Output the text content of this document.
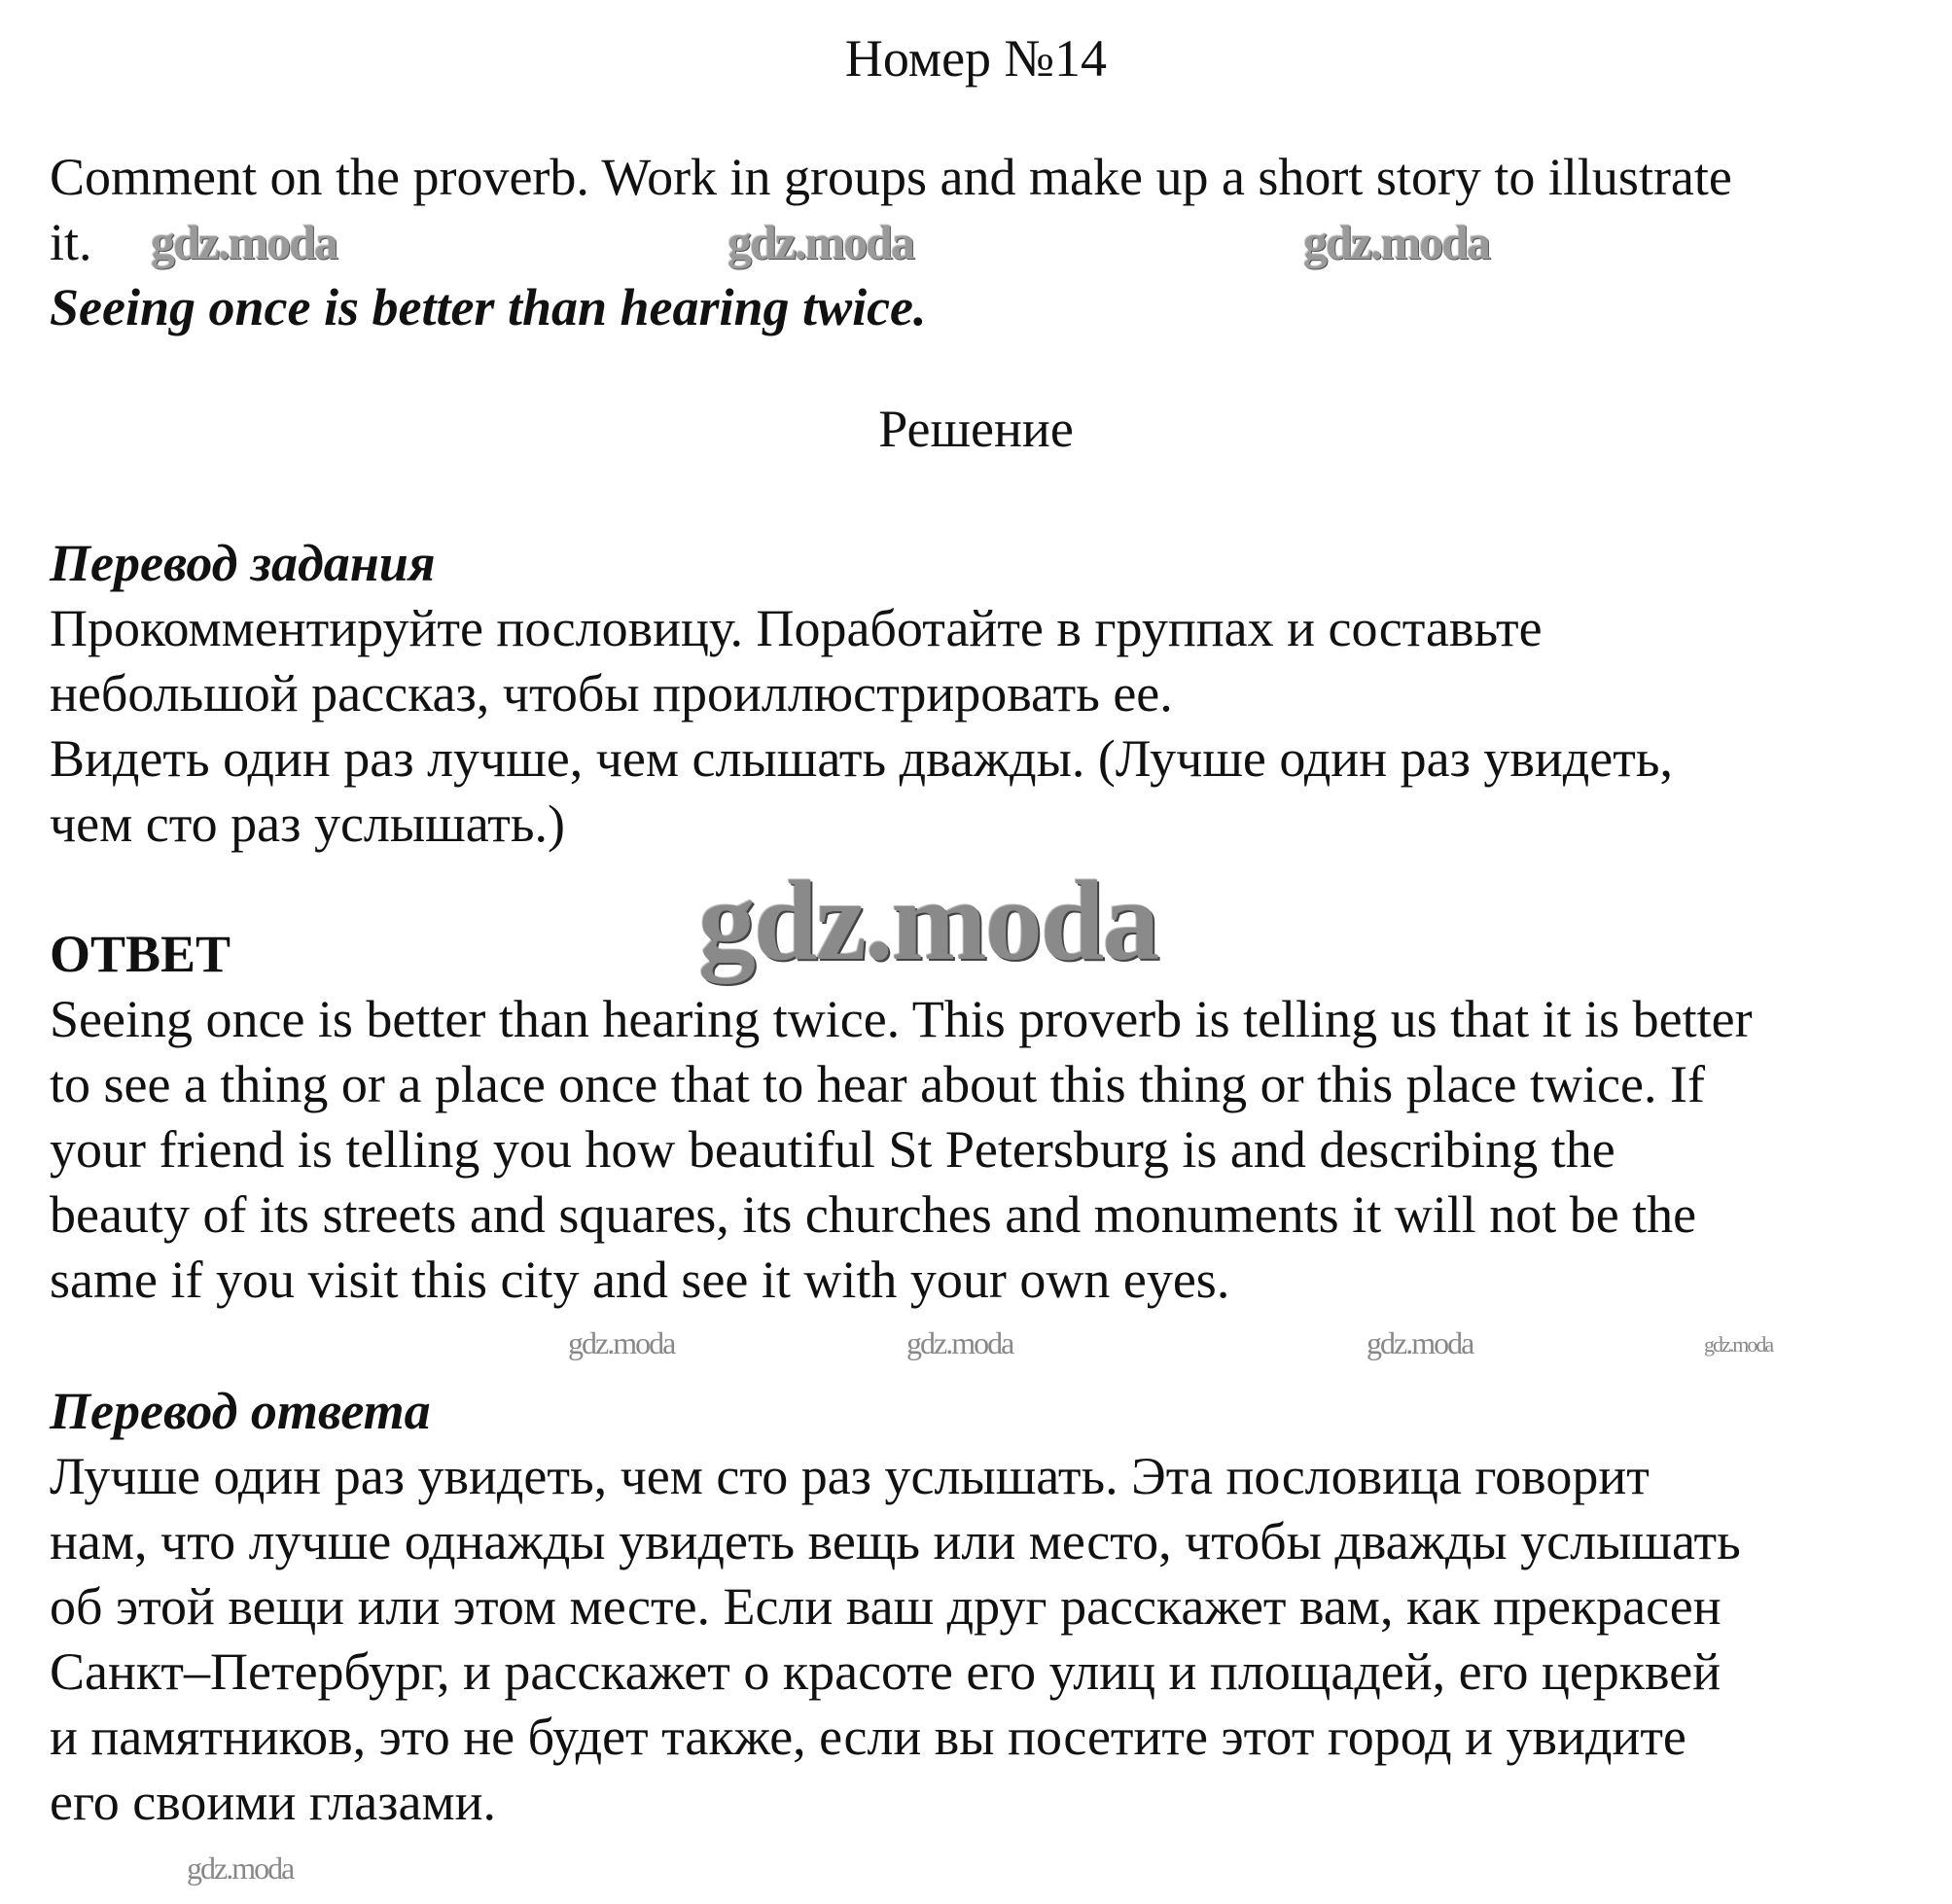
Номер №14
Comment on the proverb. Work in groups and make up a short story to illustrate
it.
Seeing once is better than hearing twice.
Решение
Перевод задания
Прокомментируйте пословицу. Поработайте в группах и составьте
небольшой рассказ, чтобы проиллюстрировать ее.
Видеть один раз лучше, чем слышать дважды. (Лучше один раз увидеть,
чем сто раз услышать.)
ОТВЕТ
Seeing once is better than hearing twice. This proverb is telling us that it is better
to see a thing or a place once that to hear about this thing or this place twice. If
your friend is telling you how beautiful St Petersburg is and describing the
beauty of its streets and squares, its churches and monuments it will not be the
same if you visit this city and see it with your own eyes.
Перевод ответа
Лучше один раз увидеть, чем сто раз услышать. Эта пословица говорит
нам, что лучше однажды увидеть вещь или место, чтобы дважды услышать
об этой вещи или этом месте. Если ваш друг расскажет вам, как прекрасен
Санкт–Петербург, и расскажет о красоте его улиц и площадей, его церквей
и памятников, это не будет также, если вы посетите этот город и увидите
его своими глазами.
gdz.moda	gdz.moda	gdz.moda
gdz.moda
gdz.moda	gdz.moda	gdz.moda	gdz.moda
gdz.moda
